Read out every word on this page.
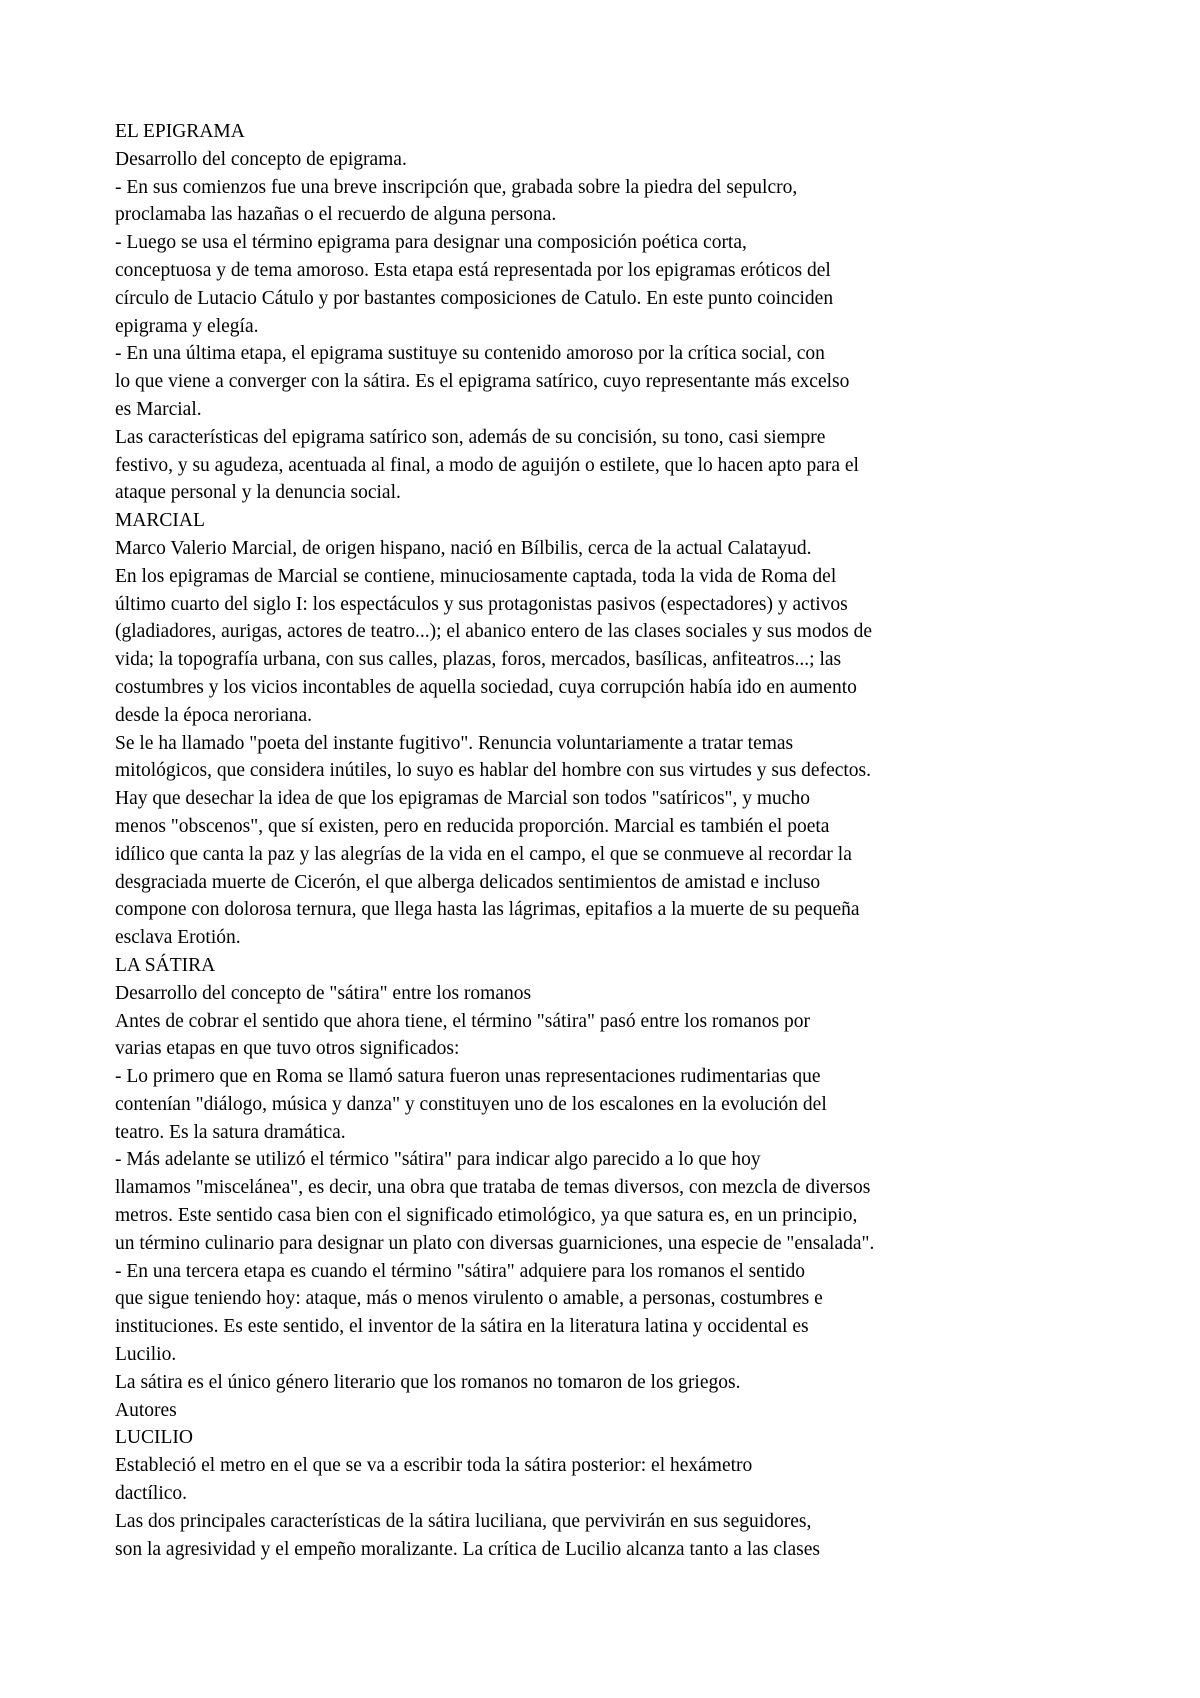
EL EPIGRAMA
Desarrollo del concepto de epigrama.
- En sus comienzos fue una breve inscripción que, grabada sobre la piedra del sepulcro,
proclamaba las hazañas o el recuerdo de alguna persona.
- Luego se usa el término epigrama para designar una composición poética corta,
conceptuosa y de tema amoroso. Esta etapa está representada por los epigramas eróticos del
círculo de Lutacio Cátulo y por bastantes composiciones de Catulo. En este punto coinciden
epigrama y elegía.
- En una última etapa, el epigrama sustituye su contenido amoroso por la crítica social, con
lo que viene a converger con la sátira. Es el epigrama satírico, cuyo representante más excelso
es Marcial.
Las características del epigrama satírico son, además de su concisión, su tono, casi siempre
festivo, y su agudeza, acentuada al final, a modo de aguijón o estilete, que lo hacen apto para el
ataque personal y la denuncia social.
MARCIAL
Marco Valerio Marcial, de origen hispano, nació en Bílbilis, cerca de la actual Calatayud.
En los epigramas de Marcial se contiene, minuciosamente captada, toda la vida de Roma del
último cuarto del siglo I: los espectáculos y sus protagonistas pasivos (espectadores) y activos
(gladiadores, aurigas, actores de teatro...); el abanico entero de las clases sociales y sus modos de
vida; la topografía urbana, con sus calles, plazas, foros, mercados, basílicas, anfiteatros...; las
costumbres y los vicios incontables de aquella sociedad, cuya corrupción había ido en aumento
desde la época neroriana.
Se le ha llamado "poeta del instante fugitivo". Renuncia voluntariamente a tratar temas
mitológicos, que considera inútiles, lo suyo es hablar del hombre con sus virtudes y sus defectos.
Hay que desechar la idea de que los epigramas de Marcial son todos "satíricos", y mucho
menos "obscenos", que sí existen, pero en reducida proporción. Marcial es también el poeta
idílico que canta la paz y las alegrías de la vida en el campo, el que se conmueve al recordar la
desgraciada muerte de Cicerón, el que alberga delicados sentimientos de amistad e incluso
compone con dolorosa ternura, que llega hasta las lágrimas, epitafios a la muerte de su pequeña
esclava Erotión.
LA SÁTIRA
Desarrollo del concepto de "sátira" entre los romanos
Antes de cobrar el sentido que ahora tiene, el término "sátira" pasó entre los romanos por
varias etapas en que tuvo otros significados:
- Lo primero que en Roma se llamó satura fueron unas representaciones rudimentarias que
contenían "diálogo, música y danza" y constituyen uno de los escalones en la evolución del
teatro. Es la satura dramática.
- Más adelante se utilizó el térmico "sátira" para indicar algo parecido a lo que hoy
llamamos "miscelánea", es decir, una obra que trataba de temas diversos, con mezcla de diversos
metros. Este sentido casa bien con el significado etimológico, ya que satura es, en un principio,
un término culinario para designar un plato con diversas guarniciones, una especie de "ensalada".
- En una tercera etapa es cuando el término "sátira" adquiere para los romanos el sentido
que sigue teniendo hoy: ataque, más o menos virulento o amable, a personas, costumbres e
instituciones. Es este sentido, el inventor de la sátira en la literatura latina y occidental es
Lucilio.
La sátira es el único género literario que los romanos no tomaron de los griegos.
Autores
LUCILIO
Estableció el metro en el que se va a escribir toda la sátira posterior: el hexámetro
dactílico.
Las dos principales características de la sátira luciliana, que pervivirán en sus seguidores,
son la agresividad y el empeño moralizante. La crítica de Lucilio alcanza tanto a las clases
